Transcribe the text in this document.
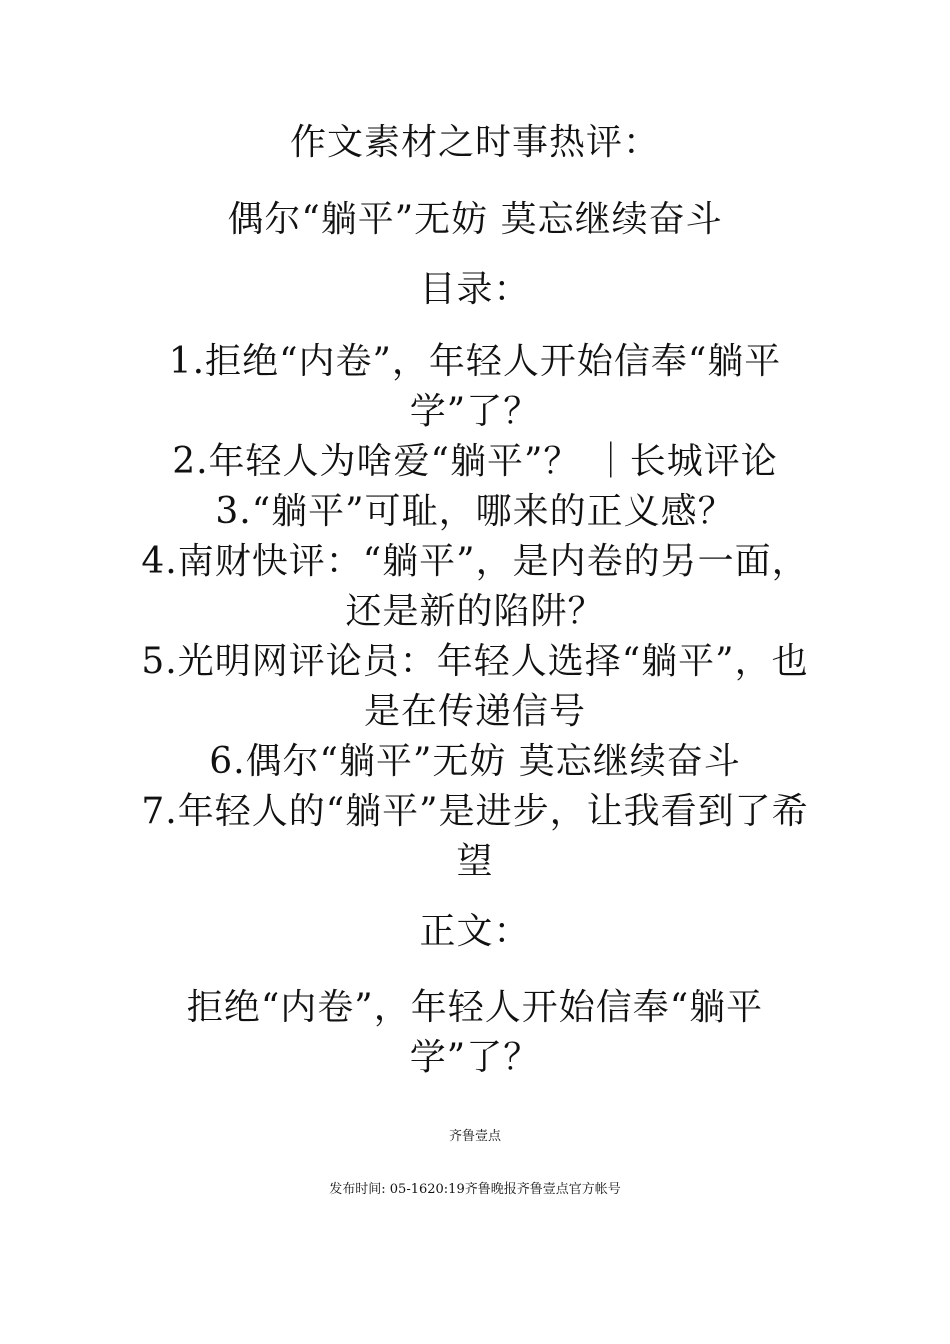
作文素材之时事热评：
偶尔“躺平”无妨 莫忘继续奋斗
目录：
1.拒绝“内卷”，年轻人开始信奉“躺平学”了？
2.年轻人为啥爱“躺平”？ ｜长城评论
3.“躺平”可耻，哪来的正义感？
4.南财快评：“躺平”，是内卷的另一面，还是新的陷阱？
5.光明网评论员：年轻人选择“躺平”，也是在传递信号
6.偶尔“躺平”无妨 莫忘继续奋斗
7.年轻人的“躺平”是进步，让我看到了希望
正文：
拒绝“内卷”，年轻人开始信奉“躺平学”了？
齐鲁壹点
发布时间: 05-1620:19齐鲁晚报齐鲁壹点官方帐号
